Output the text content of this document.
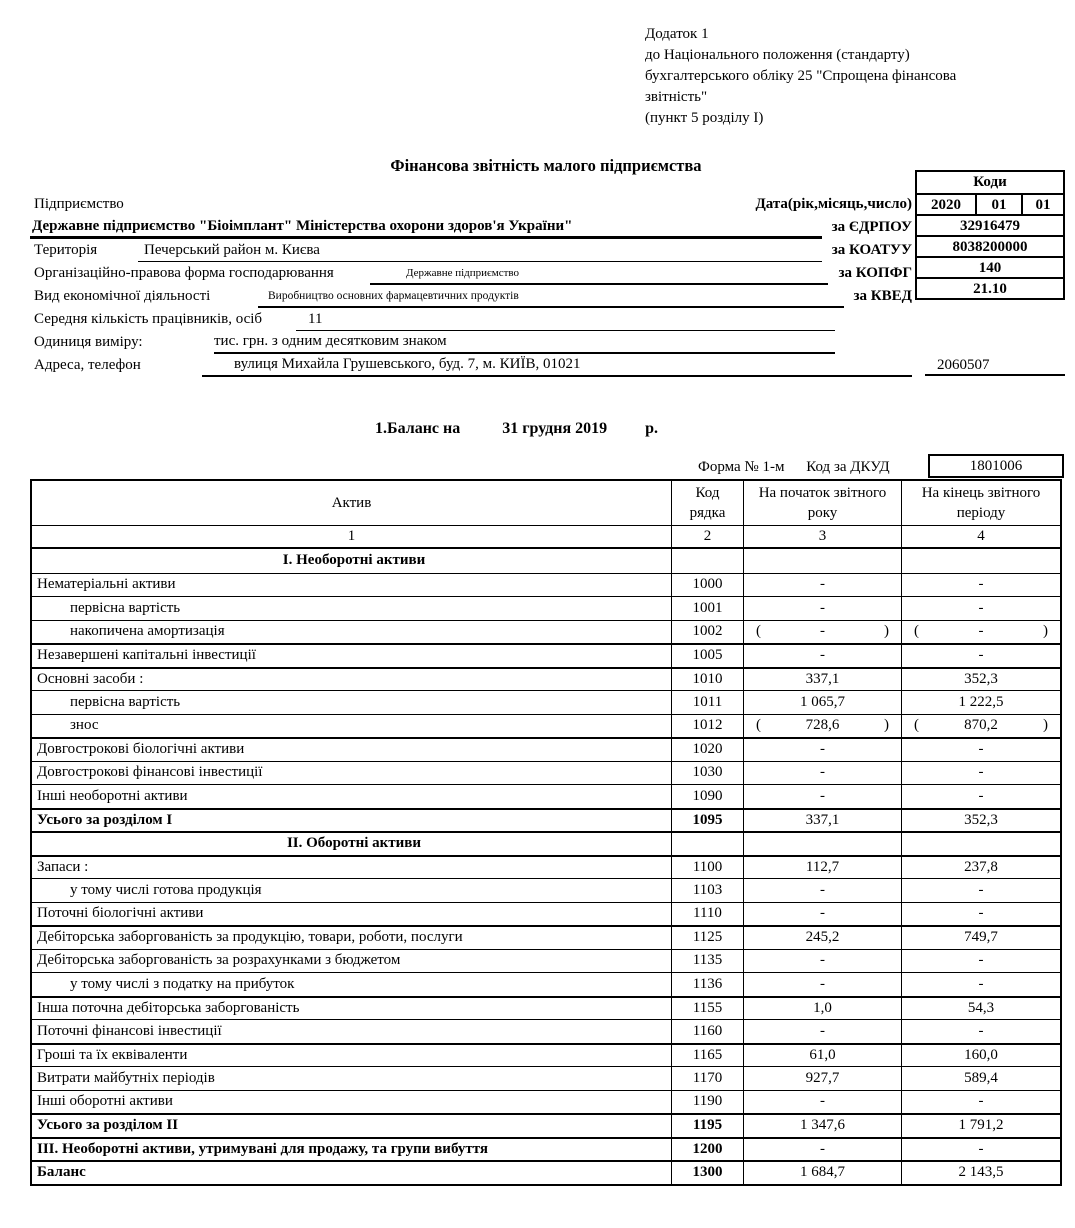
Додаток 1
до Національного положення (стандарту)
бухгалтерського обліку 25 "Спрощена фінансова
звітність"
(пункт 5 розділу I)
Фінансова звітність малого підприємства
Коди
2020	01	01
32916479
8038200000
140
21.10
Підприємство	Дата(рік,місяць,число)
Державне підприємство "Біоімплант" Міністерства охорони здоров'я України"	за ЄДРПОУ
Територія	Печерський район м. Києва	за КОАТУУ
Організаційно-правова форма господарювання	Державне підприємство	за КОПФГ
Вид економічної діяльності	Виробництво основних фармацевтичних продуктів	за КВЕД
Середня кількість працівників, осіб	11
Одиниця виміру:	тис. грн. з одним десятковим знаком
Адреса, телефон	вулиця Михайла Грушевського, буд. 7, м. КИЇВ, 01021	2060507
1.Баланс на	31 грудня 2019 р.
Форма № 1-м Код за ДКУД	1801006
Актив
Код рядка
На початок звітного року
На кінець звітного періоду
1	2	3	4
I. Необоротні активи
Нематеріальні активи	1000	-	-
первісна вартість	1001	-	-
накопичена амортизація	1002	(	-	) (	-	)
Незавершені капітальні інвестиції	1005	-	-
Основні засоби :	1010	337,1	352,3
первісна вартість	1011	1 065,7	1 222,5
знос	1012	(	728,6	) (	870,2	)
Довгострокові біологічні активи	1020	-	-
Довгострокові фінансові інвестиції	1030	-	-
Інші необоротні активи	1090	-	-
Усього за розділом I	1095	337,1	352,3
II. Оборотні активи
Запаси :	1100	112,7	237,8
у тому числі готова продукція	1103	-	-
Поточні біологічні активи	1110	-	-
Дебіторська заборгованість за продукцію, товари, роботи, послуги	1125	245,2	749,7
Дебіторська заборгованість за розрахунками з бюджетом	1135	-	-
у тому числі з податку на прибуток	1136	-	-
Інша поточна дебіторська заборгованість	1155	1,0	54,3
Поточні фінансові інвестиції	1160	-	-
Гроші та їх еквіваленти	1165	61,0	160,0
Витрати майбутніх періодів	1170	927,7	589,4
Інші оборотні активи	1190	-	-
Усього за розділом II	1195	1 347,6	1 791,2
III. Необоротні активи, утримувані для продажу, та групи вибуття	1200	-	-
Баланс	1300	1 684,7	2 143,5
